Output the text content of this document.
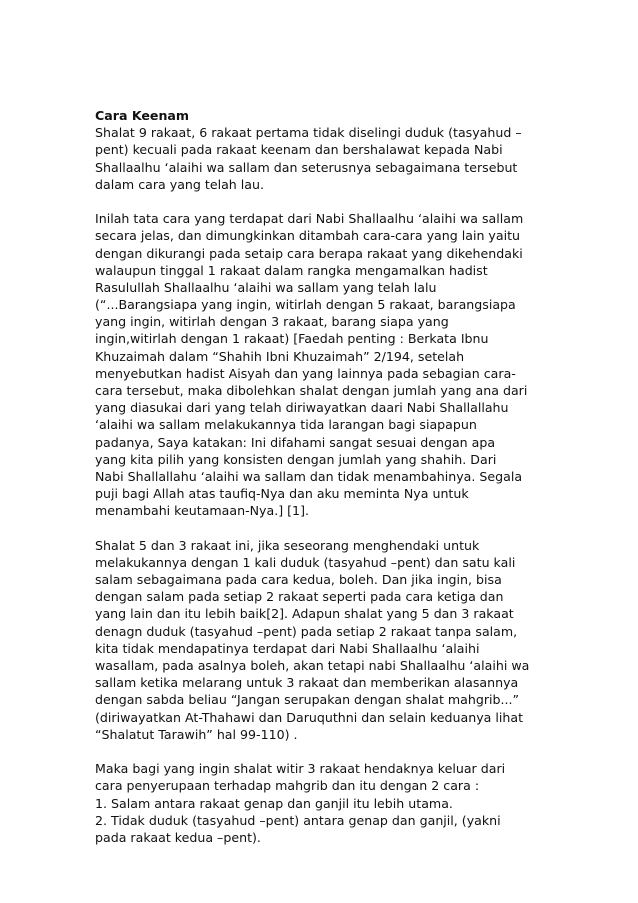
Cara Keenam
Shalat 9 rakaat, 6 rakaat pertama tidak diselingi duduk (tasyahud –
pent) kecuali pada rakaat keenam dan bershalawat kepada Nabi
Shallaalhu ‘alaihi wa sallam dan seterusnya sebagaimana tersebut
dalam cara yang telah lau.
Inilah tata cara yang terdapat dari Nabi Shallaalhu ‘alaihi wa sallam
secara jelas, dan dimungkinkan ditambah cara-cara yang lain yaitu
dengan dikurangi pada setaip cara berapa rakaat yang dikehendaki
walaupun tinggal 1 rakaat dalam rangka mengamalkan hadist
Rasulullah Shallaalhu ‘alaihi wa sallam yang telah lalu
(“...Barangsiapa yang ingin, witirlah dengan 5 rakaat, barangsiapa
yang ingin, witirlah dengan 3 rakaat, barang siapa yang
ingin,witirlah dengan 1 rakaat) [Faedah penting : Berkata Ibnu
Khuzaimah dalam “Shahih Ibni Khuzaimah” 2/194, setelah
menyebutkan hadist Aisyah dan yang lainnya pada sebagian cara-
cara tersebut, maka dibolehkan shalat dengan jumlah yang ana dari
yang diasukai dari yang telah diriwayatkan daari Nabi Shallallahu
‘alaihi wa sallam melakukannya tida larangan bagi siapapun
padanya, Saya katakan: Ini difahami sangat sesuai dengan apa
yang kita pilih yang konsisten dengan jumlah yang shahih. Dari
Nabi Shallallahu ‘alaihi wa sallam dan tidak menambahinya. Segala
puji bagi Allah atas taufiq-Nya dan aku meminta Nya untuk
menambahi keutamaan-Nya.] [1].
Shalat 5 dan 3 rakaat ini, jika seseorang menghendaki untuk
melakukannya dengan 1 kali duduk (tasyahud –pent) dan satu kali
salam sebagaimana pada cara kedua, boleh. Dan jika ingin, bisa
dengan salam pada setiap 2 rakaat seperti pada cara ketiga dan
yang lain dan itu lebih baik[2]. Adapun shalat yang 5 dan 3 rakaat
denagn duduk (tasyahud –pent) pada setiap 2 rakaat tanpa salam,
kita tidak mendapatinya terdapat dari Nabi Shallaalhu ‘alaihi
wasallam, pada asalnya boleh, akan tetapi nabi Shallaalhu ‘alaihi wa
sallam ketika melarang untuk 3 rakaat dan memberikan alasannya
dengan sabda beliau “Jangan serupakan dengan shalat mahgrib...”
(diriwayatkan At-Thahawi dan Daruquthni dan selain keduanya lihat
“Shalatut Tarawih” hal 99-110) .
Maka bagi yang ingin shalat witir 3 rakaat hendaknya keluar dari
cara penyerupaan terhadap mahgrib dan itu dengan 2 cara :
1. Salam antara rakaat genap dan ganjil itu lebih utama.
2. Tidak duduk (tasyahud –pent) antara genap dan ganjil, (yakni
pada rakaat kedua –pent).
